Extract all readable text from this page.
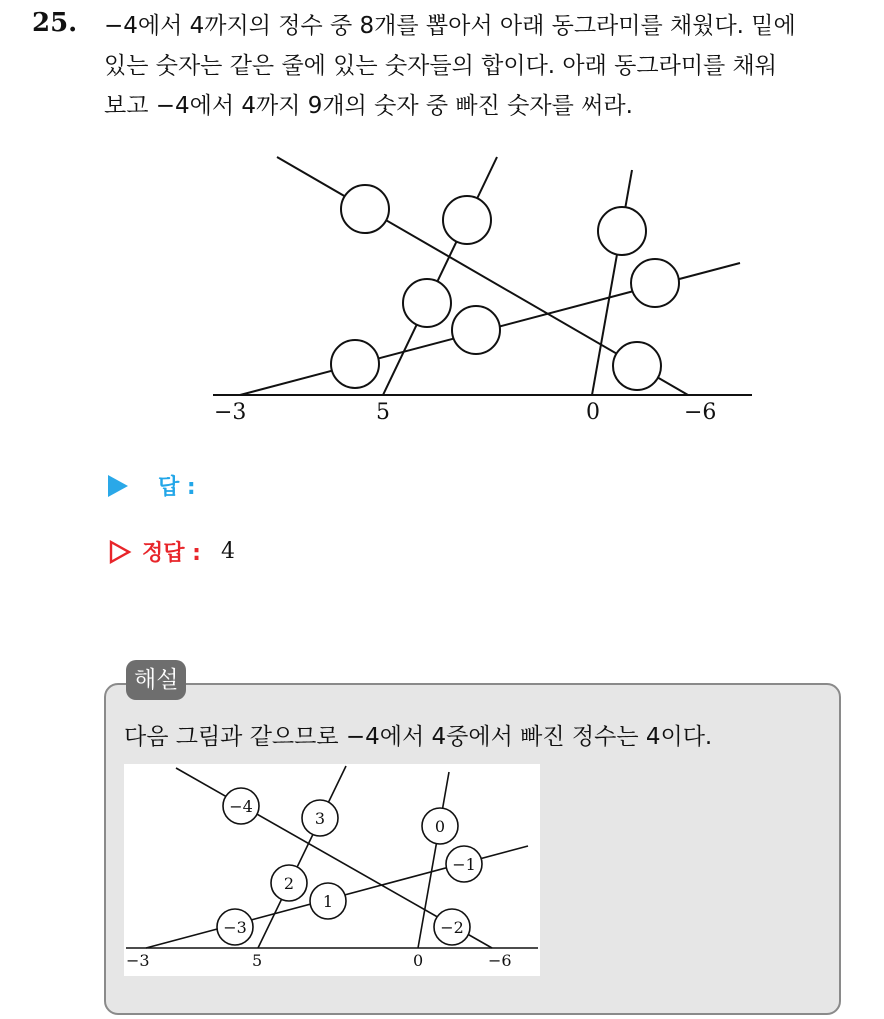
25. −4에서 4까지의 정수 중 8개를 뽑아서 아래 동그라미를 채웠다. 밑에
있는 숫자는 같은 줄에 있는 숫자들의 합이다. 아래 동그라미를 채워
보고 −4에서 4까지 9개의 숫자 중 빠진 숫자를 써라.
−3	5	0	−6
답 :
정답 : 4
해설
다음 그림과 같으므로 −4에서 4중에서 빠진 정수는 4이다.
−4
3	0
−1
2
1
−3	−2
−3	5	0	−6
